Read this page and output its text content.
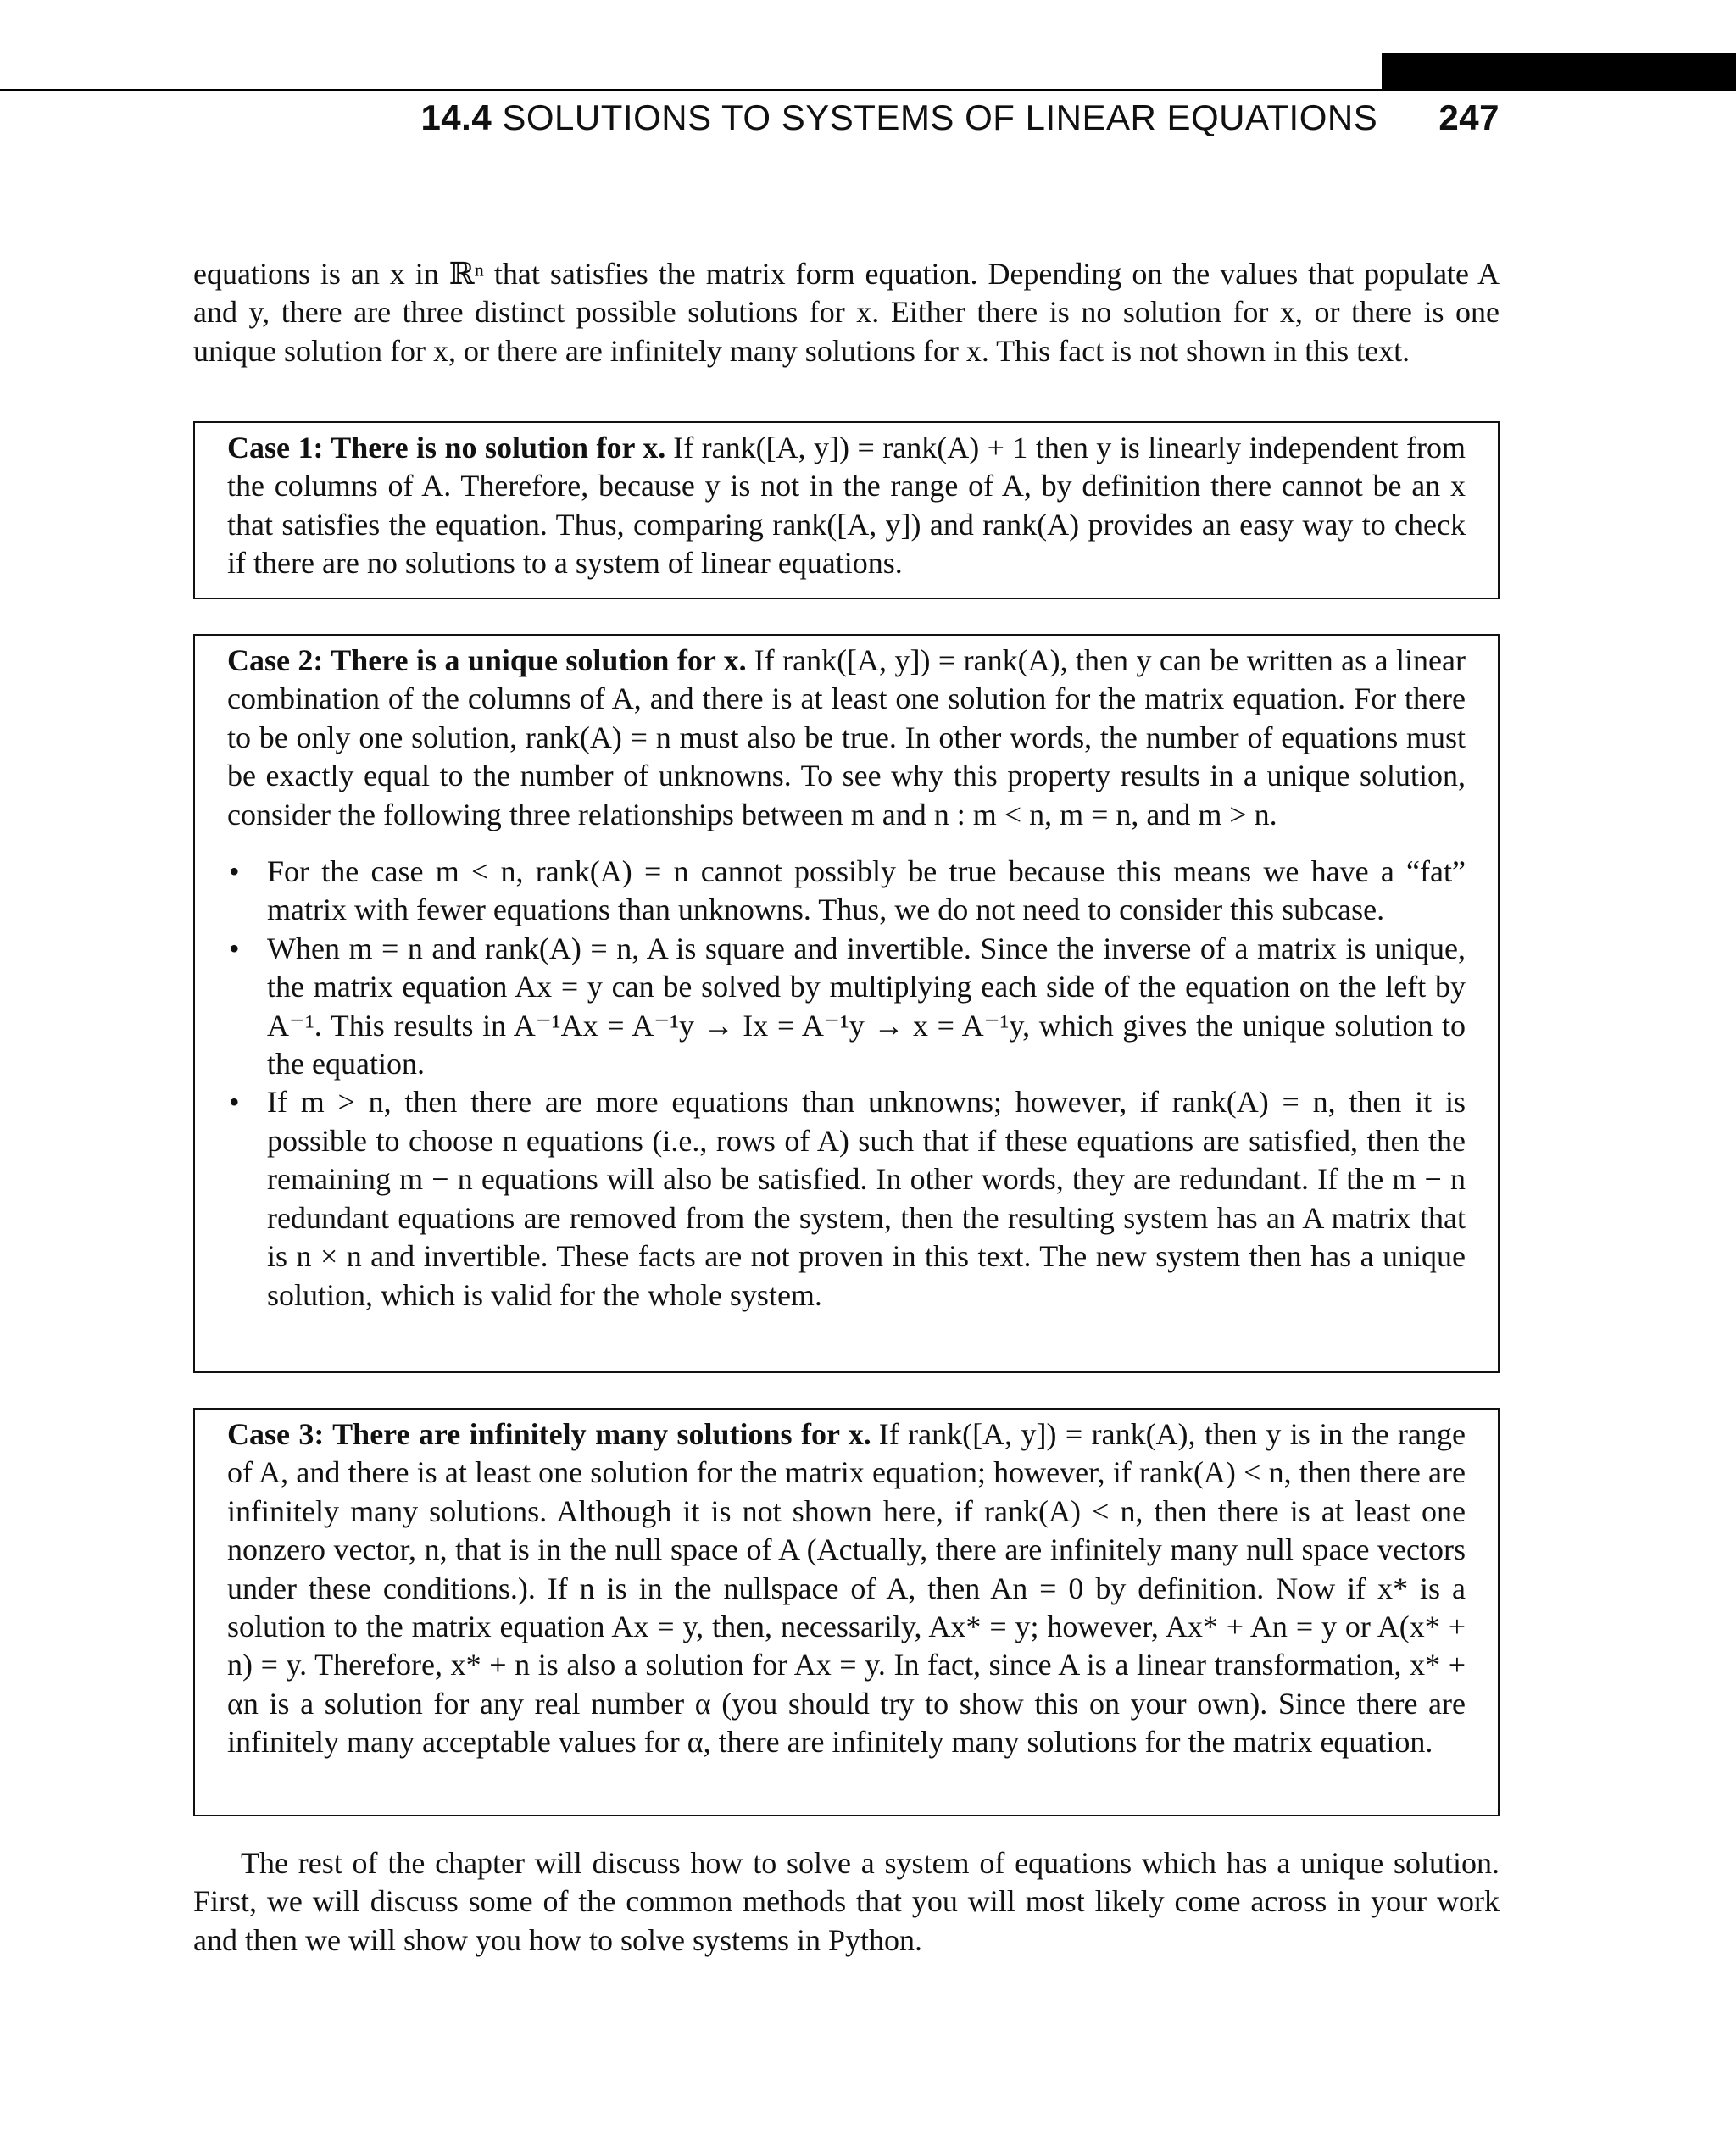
14.4 SOLUTIONS TO SYSTEMS OF LINEAR EQUATIONS 247

equations is an x in ℝⁿ that satisfies the matrix form equation. Depending on the values that populate A and y, there are three distinct possible solutions for x. Either there is no solution for x, or there is one unique solution for x, or there are infinitely many solutions for x. This fact is not shown in this text.

Case 1: There is no solution for x. If rank([A, y]) = rank(A) + 1 then y is linearly independent from the columns of A. Therefore, because y is not in the range of A, by definition there cannot be an x that satisfies the equation. Thus, comparing rank([A, y]) and rank(A) provides an easy way to check if there are no solutions to a system of linear equations.

Case 2: There is a unique solution for x. If rank([A, y]) = rank(A), then y can be written as a linear combination of the columns of A, and there is at least one solution for the matrix equation. For there to be only one solution, rank(A) = n must also be true. In other words, the number of equations must be exactly equal to the number of unknowns. To see why this property results in a unique solution, consider the following three relationships between m and n : m < n, m = n, and m > n.

• For the case m < n, rank(A) = n cannot possibly be true because this means we have a “fat” matrix with fewer equations than unknowns. Thus, we do not need to consider this subcase.
• When m = n and rank(A) = n, A is square and invertible. Since the inverse of a matrix is unique, the matrix equation Ax = y can be solved by multiplying each side of the equation on the left by A⁻¹. This results in A⁻¹Ax = A⁻¹y → Ix = A⁻¹y → x = A⁻¹y, which gives the unique solution to the equation.
• If m > n, then there are more equations than unknowns; however, if rank(A) = n, then it is possible to choose n equations (i.e., rows of A) such that if these equations are satisfied, then the remaining m − n equations will also be satisfied. In other words, they are redundant. If the m − n redundant equations are removed from the system, then the resulting system has an A matrix that is n × n and invertible. These facts are not proven in this text. The new system then has a unique solution, which is valid for the whole system.

Case 3: There are infinitely many solutions for x. If rank([A, y]) = rank(A), then y is in the range of A, and there is at least one solution for the matrix equation; however, if rank(A) < n, then there are infinitely many solutions. Although it is not shown here, if rank(A) < n, then there is at least one nonzero vector, n, that is in the null space of A (Actually, there are infinitely many null space vectors under these conditions.). If n is in the nullspace of A, then An = 0 by definition. Now if x* is a solution to the matrix equation Ax = y, then, necessarily, Ax* = y; however, Ax* + An = y or A(x* + n) = y. Therefore, x* + n is also a solution for Ax = y. In fact, since A is a linear transformation, x* + αn is a solution for any real number α (you should try to show this on your own). Since there are infinitely many acceptable values for α, there are infinitely many solutions for the matrix equation.

The rest of the chapter will discuss how to solve a system of equations which has a unique solution. First, we will discuss some of the common methods that you will most likely come across in your work and then we will show you how to solve systems in Python.
